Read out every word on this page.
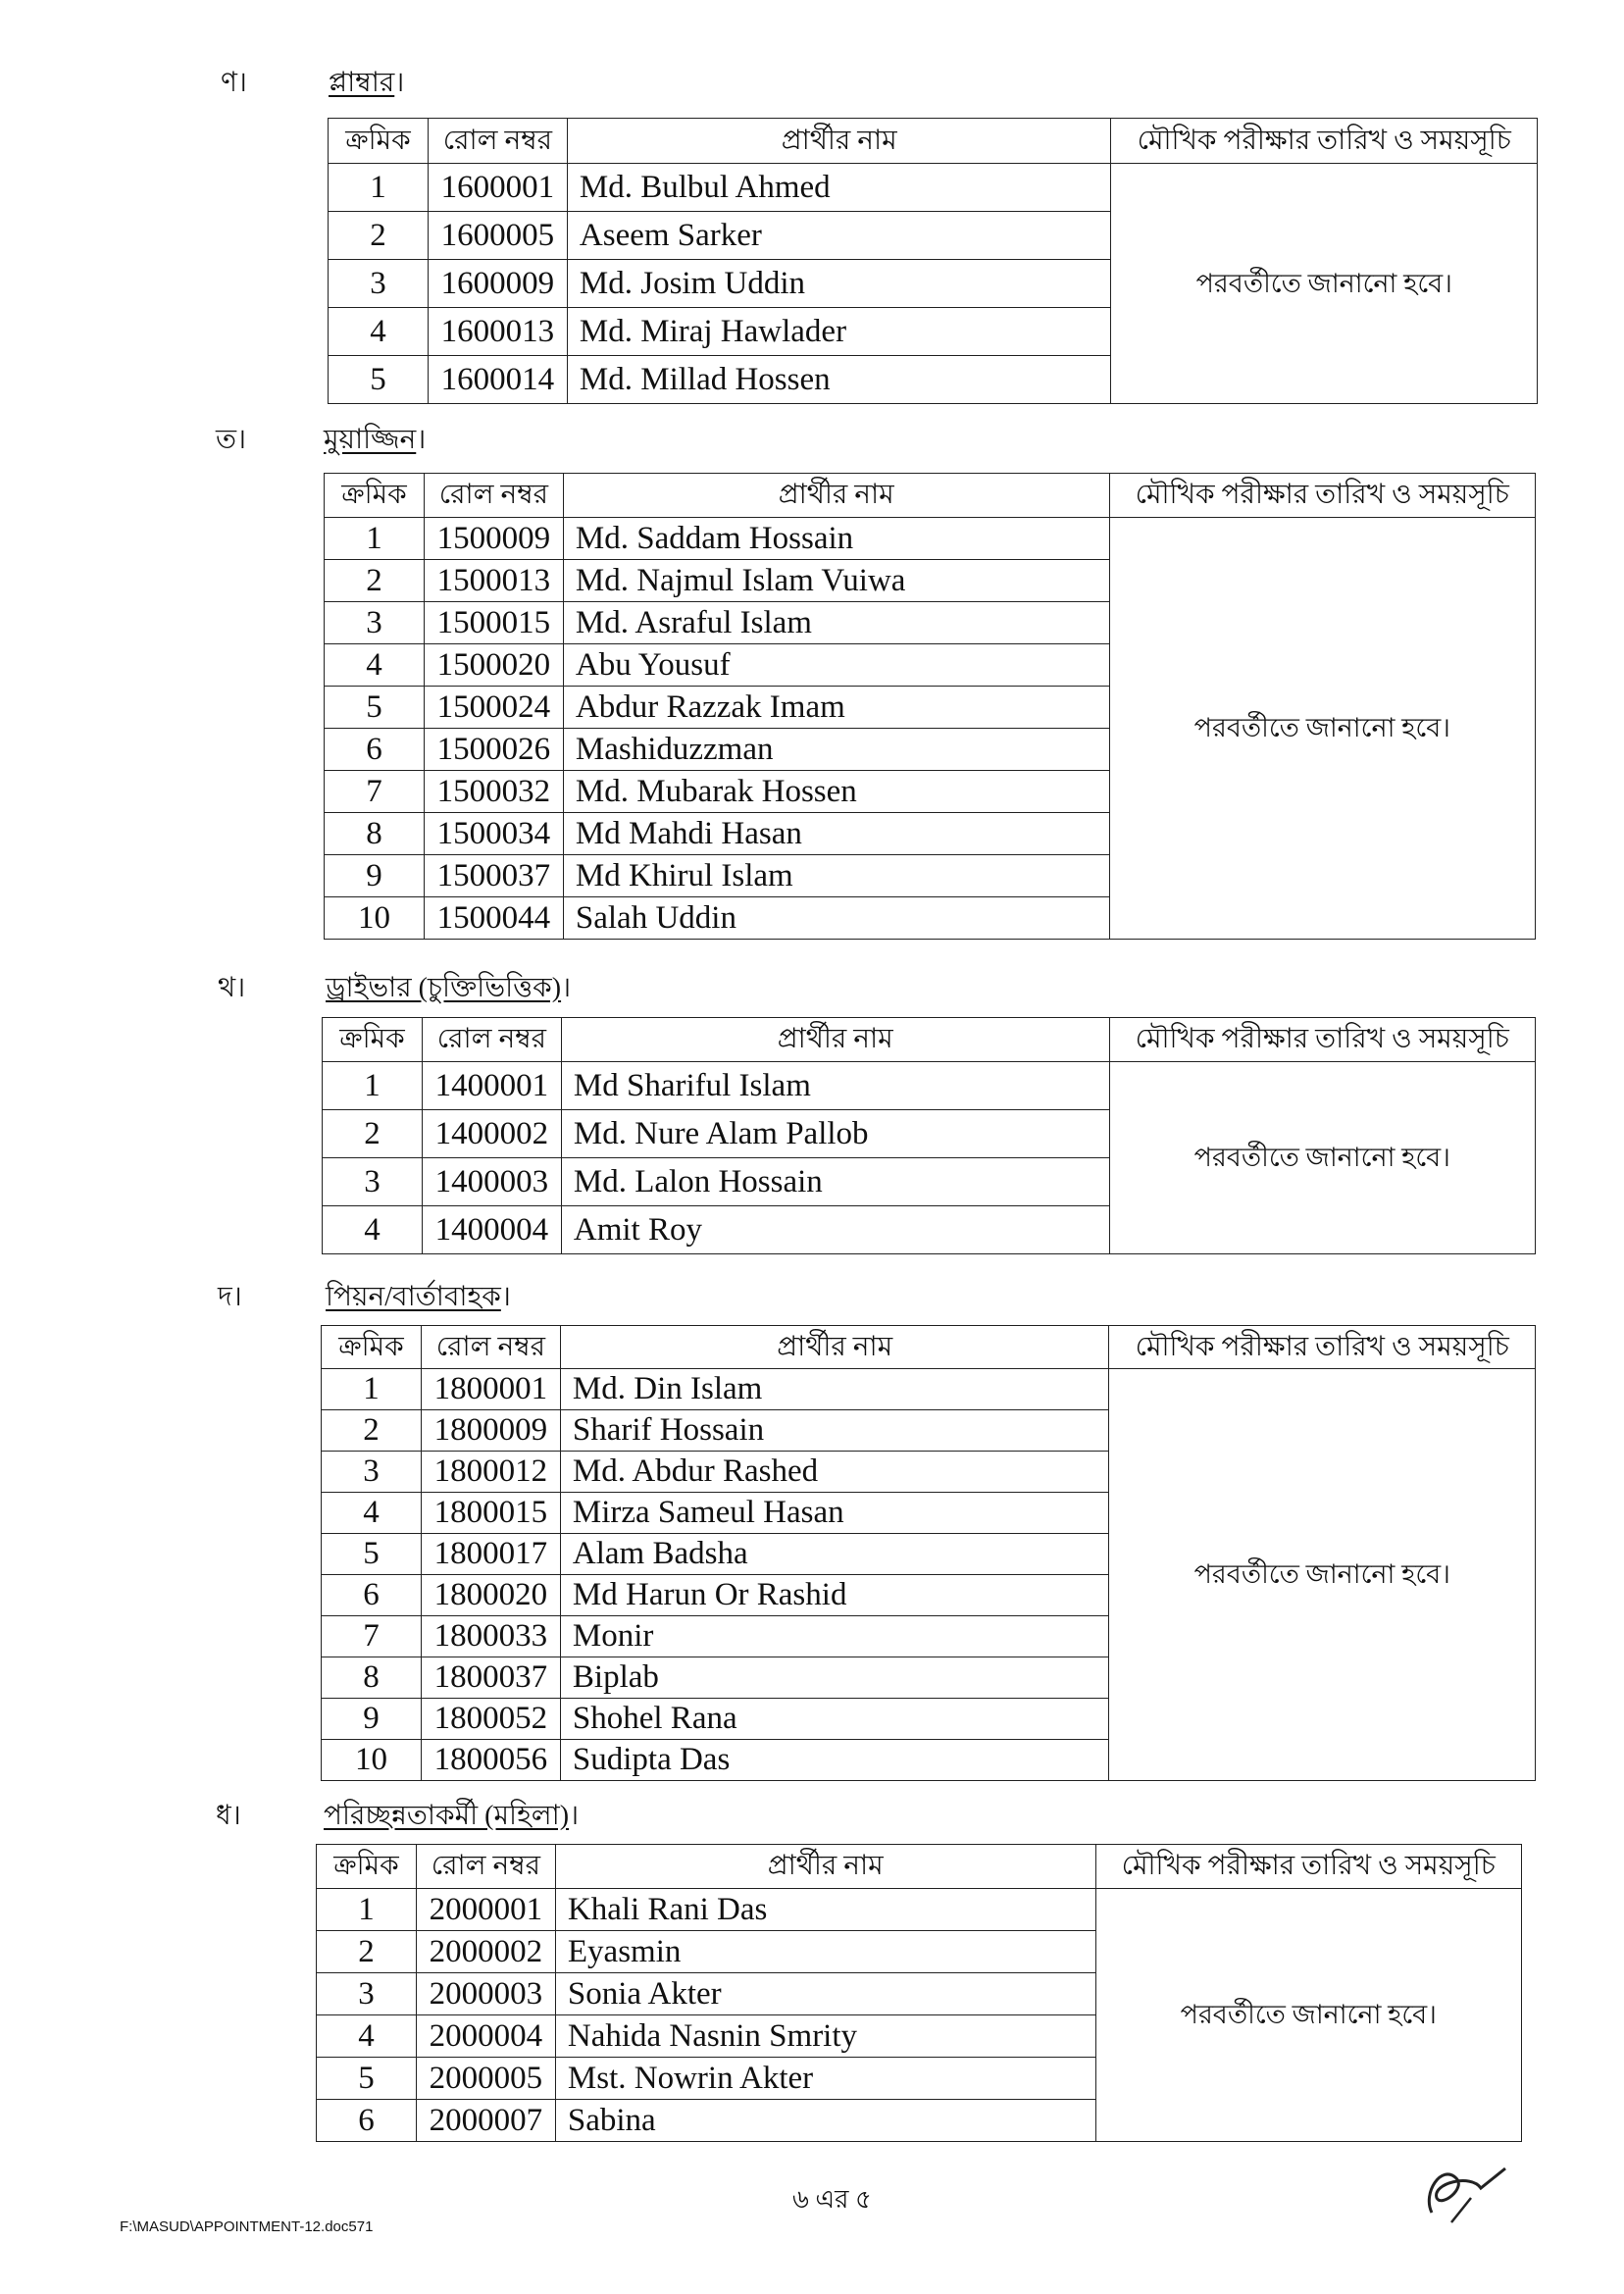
ণ।	প্লাম্বার।
ক্রমিক	রোল নম্বর	প্রার্থীর নাম	মৌখিক পরীক্ষার তারিখ ও সময়সূচি
1	1600001	Md. Bulbul Ahmed	পরবর্তীতে জানানো হবে।
2	1600005	Aseem Sarker	
3	1600009	Md. Josim Uddin	
4	1600013	Md. Miraj Hawlader	
5	1600014	Md. Millad Hossen	
ত।	মুয়াজ্জিন।
ক্রমিক	রোল নম্বর	প্রার্থীর নাম	মৌখিক পরীক্ষার তারিখ ও সময়সূচি
1	1500009	Md. Saddam Hossain	পরবর্তীতে জানানো হবে।
2	1500013	Md. Najmul Islam Vuiwa	
3	1500015	Md. Asraful Islam	
4	1500020	Abu Yousuf	
5	1500024	Abdur Razzak Imam	
6	1500026	Mashiduzzman	
7	1500032	Md. Mubarak Hossen	
8	1500034	Md Mahdi Hasan	
9	1500037	Md Khirul Islam	
10	1500044	Salah Uddin	
থ।	ড্রাইভার (চুক্তিভিত্তিক)।
ক্রমিক	রোল নম্বর	প্রার্থীর নাম	মৌখিক পরীক্ষার তারিখ ও সময়সূচি
1	1400001	Md Shariful Islam	পরবর্তীতে জানানো হবে।
2	1400002	Md. Nure Alam Pallob	
3	1400003	Md. Lalon Hossain	
4	1400004	Amit Roy	
দ।	পিয়ন/বার্তাবাহক।
ক্রমিক	রোল নম্বর	প্রার্থীর নাম	মৌখিক পরীক্ষার তারিখ ও সময়সূচি
1	1800001	Md. Din Islam	পরবর্তীতে জানানো হবে।
2	1800009	Sharif Hossain	
3	1800012	Md. Abdur Rashed	
4	1800015	Mirza Sameul Hasan	
5	1800017	Alam Badsha	
6	1800020	Md Harun Or Rashid	
7	1800033	Monir	
8	1800037	Biplab	
9	1800052	Shohel Rana	
10	1800056	Sudipta Das	
ধ।	পরিচ্ছন্নতাকর্মী (মহিলা)।
ক্রমিক	রোল নম্বর	প্রার্থীর নাম	মৌখিক পরীক্ষার তারিখ ও সময়সূচি
1	2000001	Khali Rani Das	পরবর্তীতে জানানো হবে।
2	2000002	Eyasmin	
3	2000003	Sonia Akter	
4	2000004	Nahida Nasnin Smrity	
5	2000005	Mst. Nowrin Akter	
6	2000007	Sabina	
৬ এর ৫
F:\MASUD\APPOINTMENT-12.doc571
